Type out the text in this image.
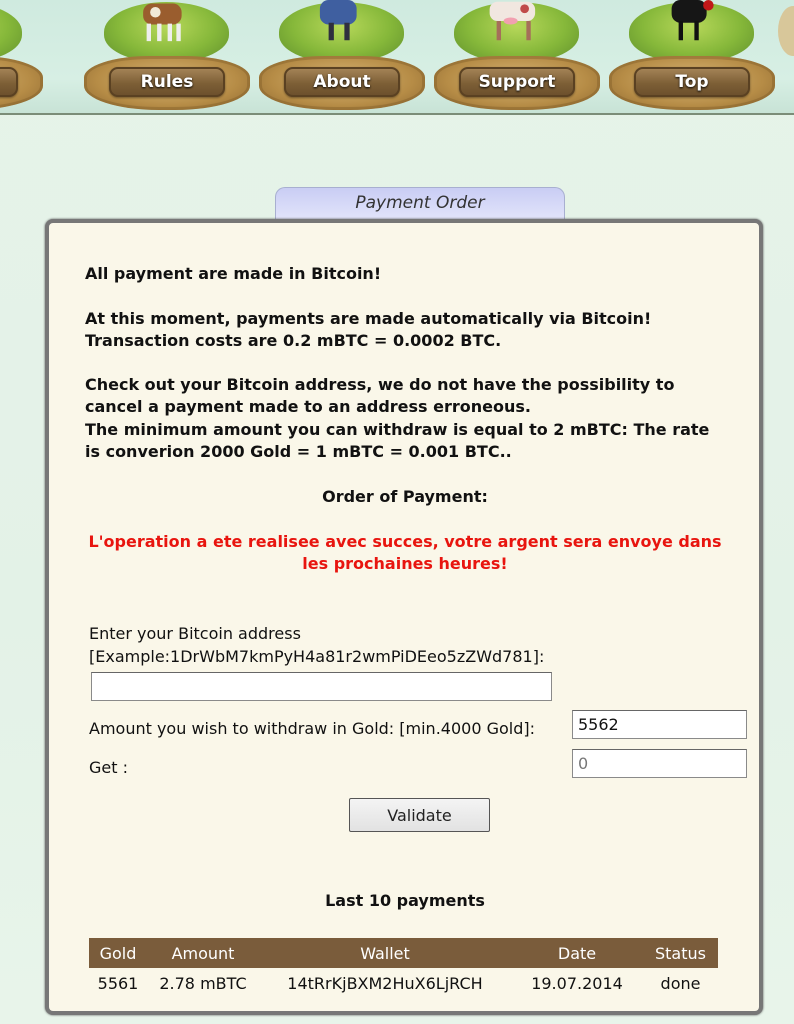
Rules	About	Support	Top
Payment Order

All payment are made in Bitcoin!

At this moment, payments are made automatically via Bitcoin! Transaction costs are 0.2 mBTC = 0.0002 BTC.

Check out your Bitcoin address, we do not have the possibility to cancel a payment made to an address erroneous.

The minimum amount you can withdraw is equal to 2 mBTC: The rate is converion 2000 Gold = 1 mBTC = 0.001 BTC..

Order of Payment:

L'operation a ete realisee avec succes, votre argent sera envoye dans les prochaines heures!

Enter your Bitcoin address

[Example:1DrWbM7kmPyH4a81r2wmPiDEeo5zZWd781]:

Amount you wish to withdraw in Gold: [min.4000 Gold]:

5562

Get :

0
Validate

Last 10 payments

Gold	Amount	Wallet	Date	Status
5561	2.78 mBTC	14tRrKjBXM2HuX6LjRCH	19.07.2014	done
